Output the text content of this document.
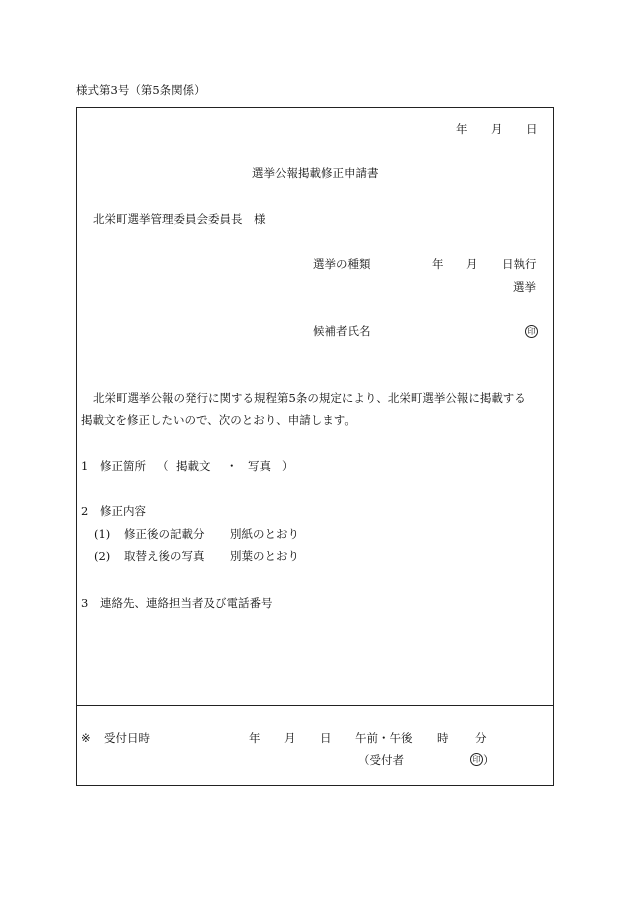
様式第3号（第5条関係）
年 月 日
選挙公報掲載修正申請書
北栄町選挙管理委員会委員長　様
選挙の種類	年 月 日執行
選挙
候補者氏名	印
北栄町選挙公報の発行に関する規程第5条の規定により、北栄町選挙公報に掲載する
掲載文を修正したいので、次のとおり、申請します。
1 修正箇所 （ 掲載文 ・ 写真 ）
2 修正内容
(1) 修正後の記載分 別紙のとおり
(2) 取替え後の写真 別葉のとおり
3 連絡先、連絡担当者及び電話番号
※ 受付日時	年 月 日 午前・午後 時 分
（受付者	印 ）
